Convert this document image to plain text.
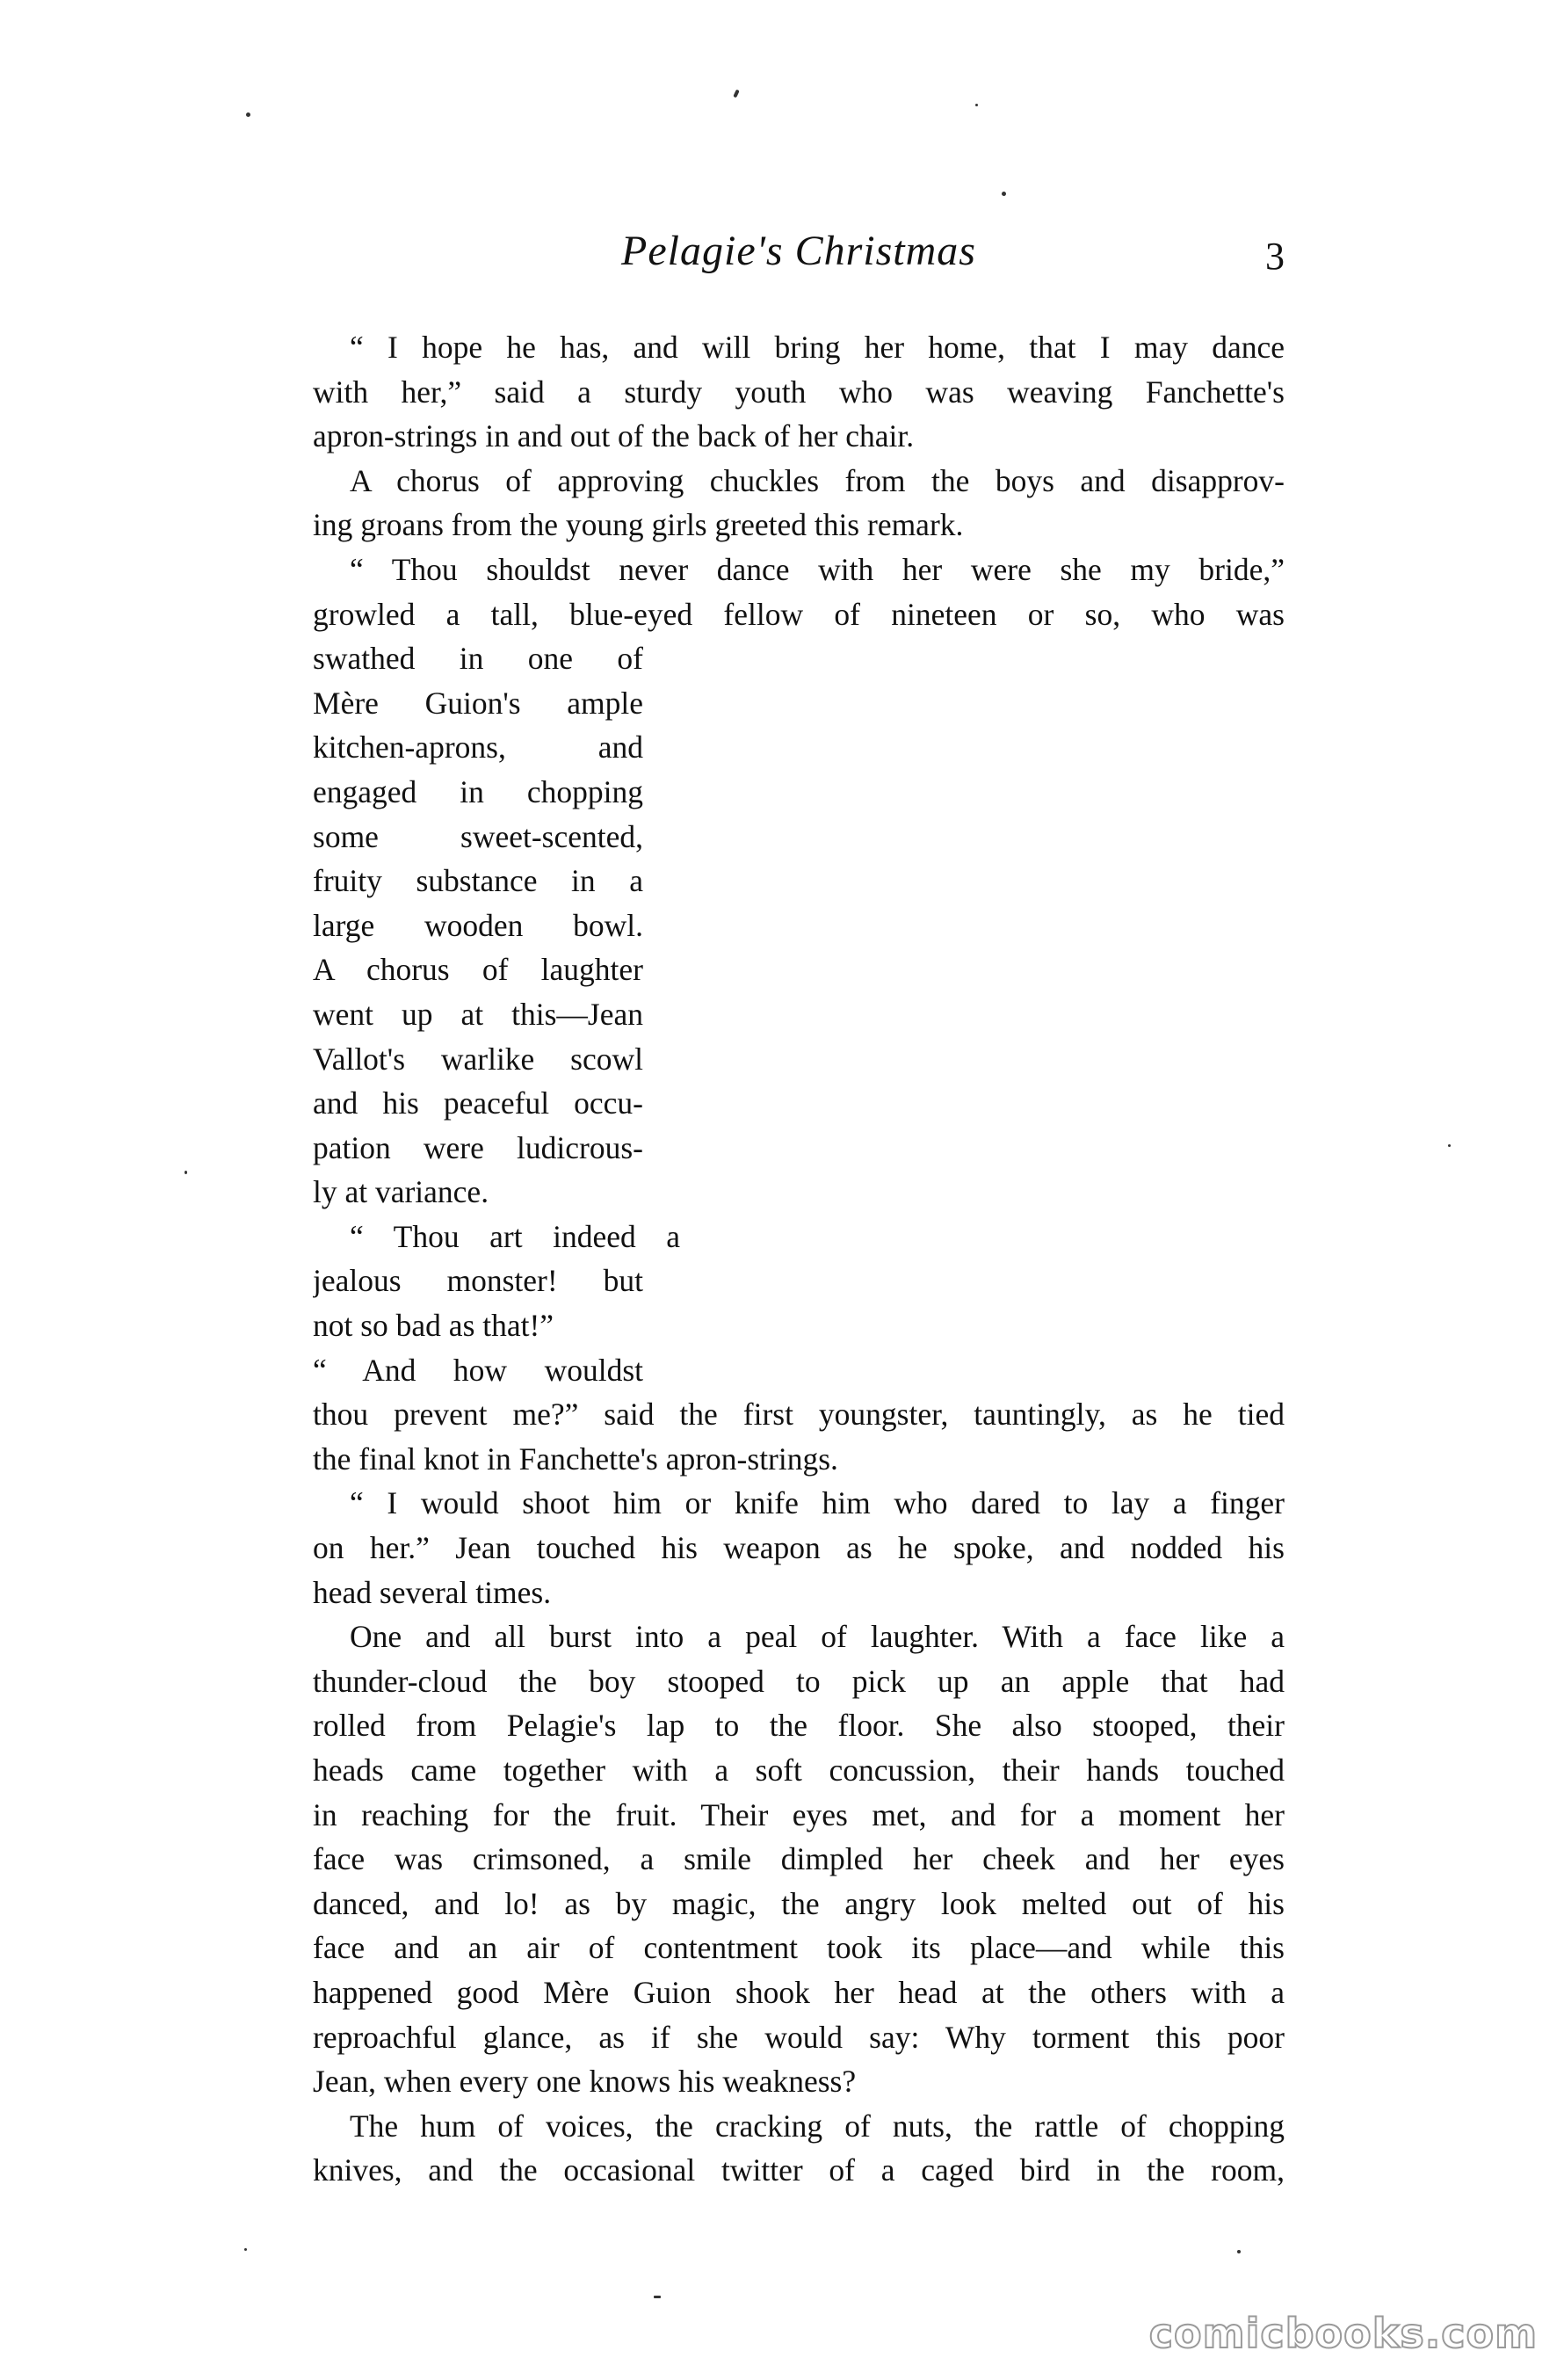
Pelagie's Christmas	3
“ I hope he has, and will bring her home, that I may dance
with her,” said a sturdy youth who was weaving Fanchette's
apron-strings in and out of the back of her chair.
A chorus of approving chuckles from the boys and disapprov-
ing groans from the young girls greeted this remark.
“ Thou shouldst never dance with her were she my bride,”
growled a tall, blue-eyed fellow of nineteen or so, who was
swathed in one of
Mère Guion's ample
kitchen-aprons, and
engaged in chopping
some sweet-scented,
fruity substance in a
large wooden bowl.
A chorus of laughter
went up at this—Jean
Vallot's warlike scowl
and his peaceful occu-
pation were ludicrous-
ly at variance.
“ Thou art indeed a
jealous monster! but
not so bad as that!”
“ And how wouldst
thou prevent me?” said the first youngster, tauntingly, as he tied
the final knot in Fanchette's apron-strings.
“ I would shoot him or knife him who dared to lay a finger
on her.” Jean touched his weapon as he spoke, and nodded his
head several times.
One and all burst into a peal of laughter. With a face like a
thunder-cloud the boy stooped to pick up an apple that had
rolled from Pelagie's lap to the floor. She also stooped, their
heads came together with a soft concussion, their hands touched
in reaching for the fruit. Their eyes met, and for a moment her
face was crimsoned, a smile dimpled her cheek and her eyes
danced, and lo! as by magic, the angry look melted out of his
face and an air of contentment took its place—and while this
happened good Mère Guion shook her head at the others with a
reproachful glance, as if she would say: Why torment this poor
Jean, when every one knows his weakness?
The hum of voices, the cracking of nuts, the rattle of chopping
knives, and the occasional twitter of a caged bird in the room,
comicbooks.com
